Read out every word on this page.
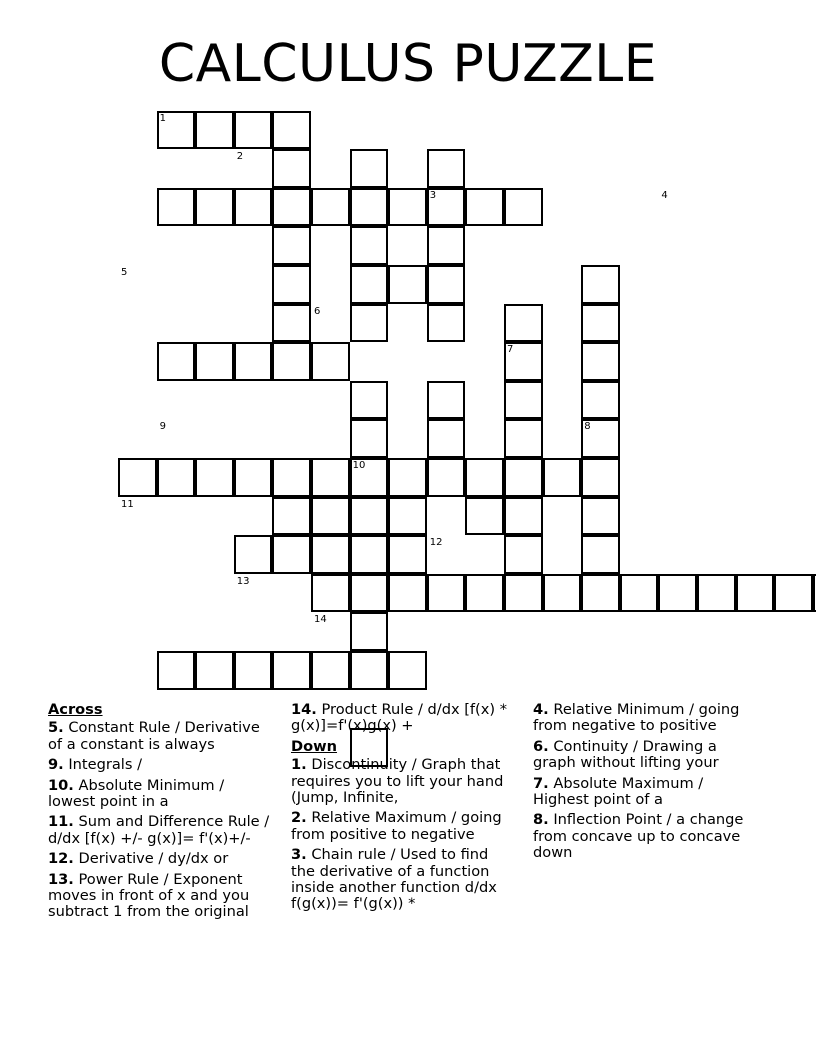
CALCULUS PUZZLE
1
2
3	4
5
6
7
8
9
10
11
12
13
14
Across

5. Constant Rule / Derivative of a constant is always

9. Integrals /

10. Absolute Minimum / lowest point in a

11. Sum and Difference Rule / d/dx [f(x) +/- g(x)]= f'(x)+/-

12. Derivative / dy/dx or

13. Power Rule / Exponent moves in front of x and you subtract 1 from the original

14. Product Rule / d/dx [f(x) * g(x)]=f'(x)g(x) +

Down

1. Discontinuity / Graph that requires you to lift your hand (Jump, Infinite,

2. Relative Maximum / going from positive to negative

3. Chain rule / Used to find the derivative of a function inside another function d/dx f(g(x))= f'(g(x)) *

4. Relative Minimum / going from negative to positive

6. Continuity / Drawing a graph without lifting your

7. Absolute Maximum / Highest point of a

8. Inflection Point / a change from concave up to concave down
